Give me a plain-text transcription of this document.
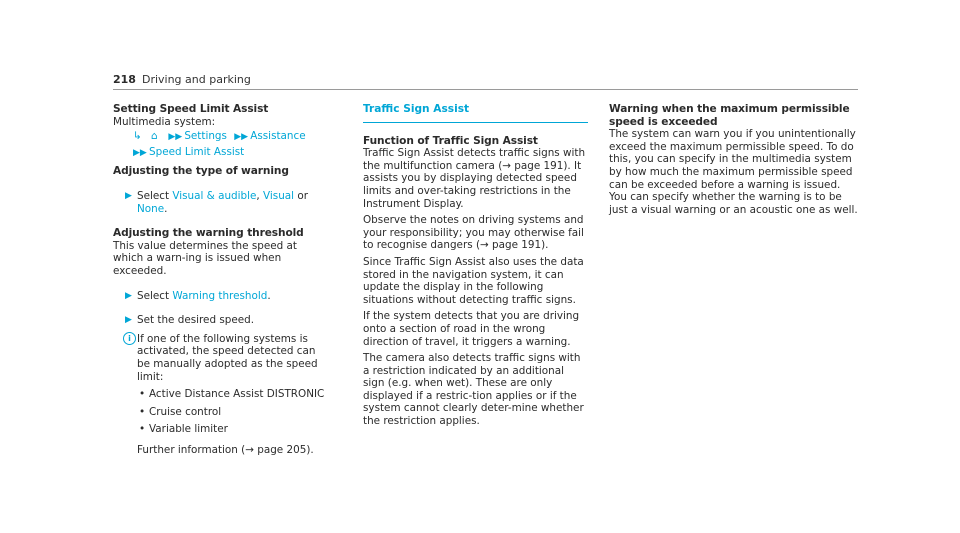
218 Driving and parking

Setting Speed Limit Assist

Multimedia system:

↳ ⌂ ▶▶ Settings ▶▶ Assistance
▶▶ Speed Limit Assist

Adjusting the type of warning

▶ Select Visual & audible, Visual or None.

Adjusting the warning threshold

This value determines the speed at which a warn-ing is issued when exceeded.

▶ Select Warning threshold.
▶ Set the desired speed.
i If one of the following systems is activated, the speed detected can be manually adopted as the speed limit:
• Active Distance Assist DISTRONIC
• Cruise control
• Variable limiter

Further information (→ page 205).

Traffic Sign Assist

Function of Traffic Sign Assist

Traffic Sign Assist detects traffic signs with the multifunction camera (→ page 191). It assists you by displaying detected speed limits and over-taking restrictions in the Instrument Display.

Observe the notes on driving systems and your responsibility; you may otherwise fail to recognise dangers (→ page 191).

Since Traffic Sign Assist also uses the data stored in the navigation system, it can update the display in the following situations without detecting traffic signs.

If the system detects that you are driving onto a section of road in the wrong direction of travel, it triggers a warning.

The camera also detects traffic signs with a restriction indicated by an additional sign (e.g. when wet). These are only displayed if a restric-tion applies or if the system cannot clearly deter-mine whether the restriction applies.

Warning when the maximum permissible speed is exceeded

The system can warn you if you unintentionally exceed the maximum permissible speed. To do this, you can specify in the multimedia system by how much the maximum permissible speed can be exceeded before a warning is issued. You can specify whether the warning is to be just a visual warning or an acoustic one as well.
